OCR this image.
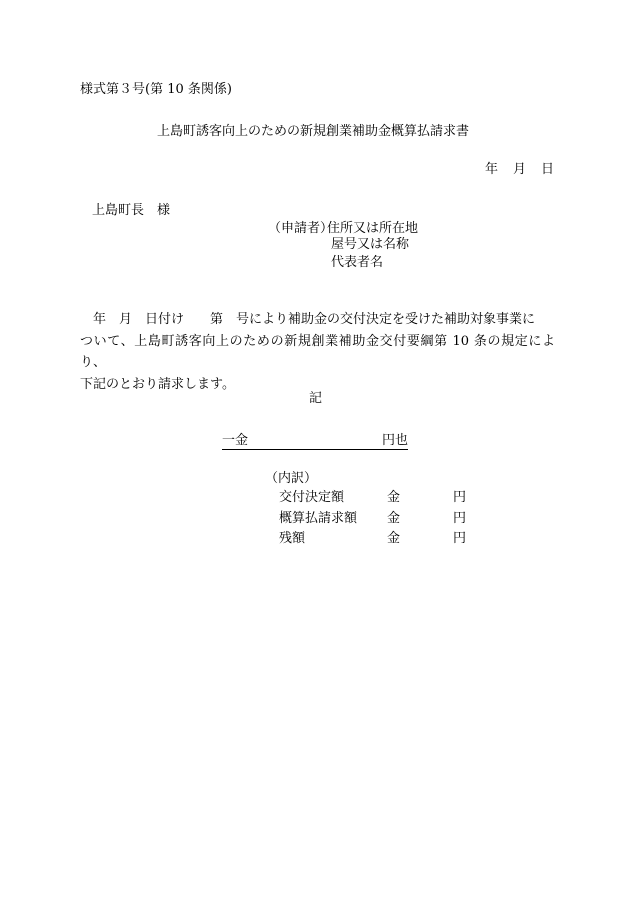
様式第３号(第 10 条関係)
上島町誘客向上のための新規創業補助金概算払請求書
年 月 日
上島町長　様
（申請者）
住所又は所在地
屋号又は名称
代表者名

　年　月　日付け　　第　号により補助金の交付決定を受けた補助対象事業に

ついて、上島町誘客向上のための新規創業補助金交付要綱第 10 条の規定により、

下記のとおり請求します。

記
一金	円也
（内訳）
交付決定額	金	円
概算払請求額	金	円
残額	金	円
